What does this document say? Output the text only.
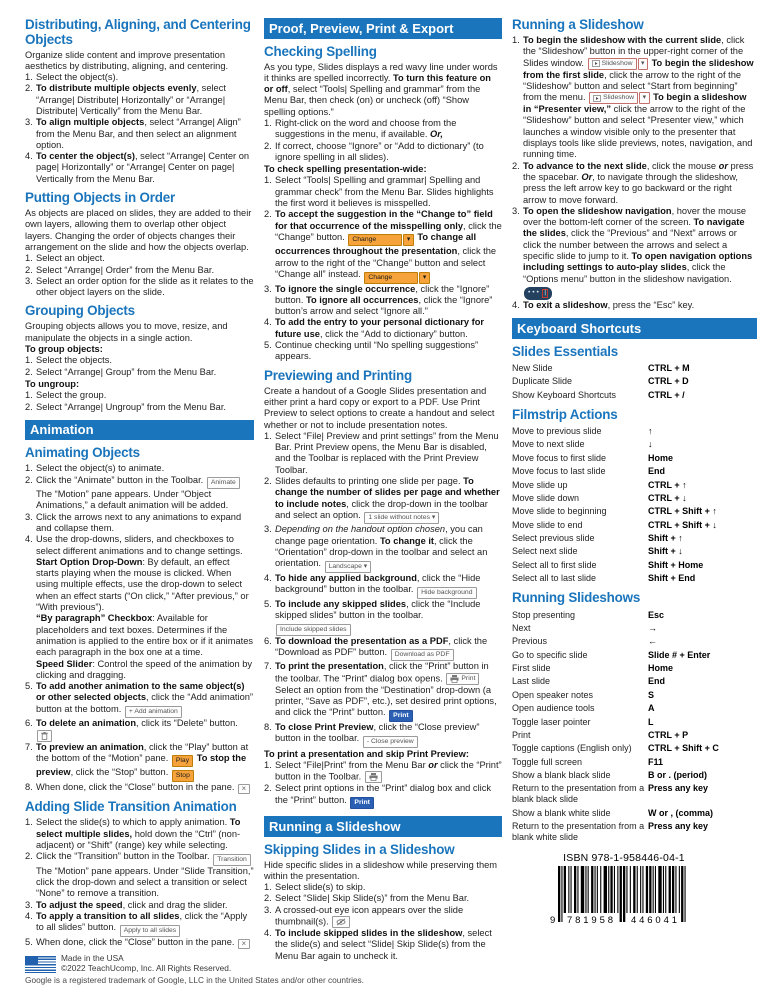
Distributing, Aligning, and Centering Objects
Organize slide content and improve presentation aesthetics by distributing, aligning, and centering.
1. Select the object(s).
2. To distribute multiple objects evenly, select “Arrange| Distribute| Horizontally” or “Arrange| Distribute| Vertically” from the Menu Bar.
3. To align multiple objects, select “Arrange| Align” from the Menu Bar, and then select an alignment option.
4. To center the object(s), select “Arrange| Center on page| Horizontally” or “Arrange| Center on page| Vertically from the Menu Bar.
Putting Objects in Order
As objects are placed on slides, they are added to their own layers, allowing them to overlap other object layers. Changing the order of objects changes their arrangement on the slide and how the objects overlap.
1. Select an object.
2. Select “Arrange| Order” from the Menu Bar.
3. Select an order option for the slide as it relates to the other object layers on the slide.
Grouping Objects
Grouping objects allows you to move, resize, and manipulate the objects in a single action.
To group objects:
1. Select the objects.
2. Select “Arrange| Group” from the Menu Bar.
To ungroup:
1. Select the group.
2. Select “Arrange| Ungroup” from the Menu Bar.
Animation
Animating Objects
1. Select the object(s) to animate.
2. Click the “Animate” button in the Toolbar. Animate
The “Motion” pane appears. Under “Object Animations,” a default animation will be added.
3. Click the arrows next to any animations to expand and collapse them.
4. Use the drop-downs, sliders, and checkboxes to select different animations and to change settings.
Start Option Drop-Down: By default, an effect starts playing when the mouse is clicked. When using multiple effects, use the drop-down to select when an effect starts (“On click,” “After previous,” or “With previous”).
“By paragraph” Checkbox: Available for placeholders and text boxes. Determines if the animation is applied to the entire box or if it animates each paragraph in the box one at a time.
Speed Slider: Control the speed of the animation by clicking and dragging.
5. To add another animation to the same object(s) or other selected objects, click the “Add animation” button at the bottom. + Add animation
6. To delete an animation, click its “Delete” button.
7. To preview an animation, click the “Play” button at the bottom of the “Motion” pane. Play To stop the preview, click the “Stop” button. Stop
8. When done, click the “Close” button in the pane. ×
Adding Slide Transition Animation
1. Select the slide(s) to which to apply animation. To select multiple slides, hold down the “Ctrl” (non-adjacent) or “Shift” (range) key while selecting.
2. Click the “Transition” button in the Toolbar. Transition
The “Motion” pane appears. Under “Slide Transition,” click the drop-down and select a transition or select “None” to remove a transition.
3. To adjust the speed, click and drag the slider.
4. To apply a transition to all slides, click the “Apply to all slides” button. Apply to all slides
5. When done, click the “Close” button in the pane. ×
Made in the USA
©2022 TeachUcomp, Inc. All Rights Reserved.
Google is a registered trademark of Google, LLC in the United States and/or other countries.
Proof, Preview, Print & Export
Checking Spelling
As you type, Slides displays a red wavy line under words it thinks are spelled incorrectly. To turn this feature on or off, select “Tools| Spelling and grammar” from the Menu Bar, then check (on) or uncheck (off) “Show spelling options.”
1. Right-click on the word and choose from the suggestions in the menu, if available. Or,
2. If correct, choose “Ignore” or “Add to dictionary” (to ignore spelling in all slides).
To check spelling presentation-wide:
1. Select “Tools| Spelling and grammar| Spelling and grammar check” from the Menu Bar. Slides highlights the first word it believes is misspelled.
2. To accept the suggestion in the “Change to” field for that occurrence of the misspelling only, click the “Change” button. Change	▾ To change all occurrences throughout the presentation, click the arrow to the right of the “Change” button and select “Change all” instead. Change	▾
3. To ignore the single occurrence, click the “Ignore” button. To ignore all occurrences, click the “Ignore” button’s arrow and select “Ignore all.”
4. To add the entry to your personal dictionary for future use, click the “Add to dictionary” button.
5. Continue checking until “No spelling suggestions” appears.
Previewing and Printing
Create a handout of a Google Slides presentation and either print a hard copy or export to a PDF. Use Print Preview to select options to create a handout and select whether or not to include presentation notes.
1. Select “File| Preview and print settings” from the Menu Bar. Print Preview opens, the Menu Bar is disabled, and the Toolbar is replaced with the Print Preview Toolbar.
2. Slides defaults to printing one slide per page. To change the number of slides per page and whether to include notes, click the drop-down in the toolbar and select an option. 1 slide without notes ▾
3. Depending on the handout option chosen, you can change page orientation. To change it, click the “Orientation” drop-down in the toolbar and select an orientation. Landscape ▾
4. To hide any applied background, click the “Hide background” button in the toolbar. Hide background
5. To include any skipped slides, click the “Include skipped slides” button in the toolbar.
Include skipped slides
6. To download the presentation as a PDF, click the “Download as PDF” button. Download as PDF
7. To print the presentation, click the “Print” button in the toolbar. The “Print” dialog box opens. Print
Select an option from the “Destination” drop-down (a printer, “Save as PDF”, etc.), set desired print options, and click the “Print” button. Print
8. To close Print Preview, click the “Close preview” button in the toolbar. - Close preview
To print a presentation and skip Print Preview:
1. Select “File|Print” from the Menu Bar or click the “Print” button in the Toolbar.
2. Select print options in the “Print” dialog box and click the “Print” button. Print
Running a Slideshow
Skipping Slides in a Slideshow
Hide specific slides in a slideshow while preserving them within the presentation.
1. Select slide(s) to skip.
2. Select “Slide| Skip Slide(s)” from the Menu Bar.
3. A crossed-out eye icon appears over the slide thumbnail(s).
4. To include skipped slides in the slideshow, select the slide(s) and select “Slide| Skip Slide(s) from the Menu Bar again to uncheck it.
Running a Slideshow
1. To begin the slideshow with the current slide, click the “Slideshow” button in the upper-right corner of the Slides window. Slideshow	▾ To begin the slideshow from the first slide, click the arrow to the right of the “Slideshow” button and select “Start from beginning” from the menu. Slideshow	▾ To begin a slideshow in “Presenter view,” click the arrow to the right of the “Slideshow” button and select “Presenter view,” which launches a window visible only to the presenter that displays tools like slide previews, notes, navigation, and running time.
2. To advance to the next slide, click the mouse or press the spacebar. Or, to navigate through the slideshow, press the left arrow key to go backward or the right arrow to move forward.
3. To open the slideshow navigation, hover the mouse over the bottom-left corner of the screen. To navigate the slides, click the “Previous” and “Next” arrows or click the number between the arrows and select a specific slide to jump to it. To open navigation options including settings to auto-play slides, click the “Options menu” button in the slideshow navigation.
• • • |
4. To exit a slideshow, press the “Esc” key.
Keyboard Shortcuts
Slides Essentials
New Slide	CTRL + M
Duplicate Slide	CTRL + D
Show Keyboard Shortcuts	CTRL + /
Filmstrip Actions
Move to previous slide	↑
Move to next slide	↓
Move focus to first slide	Home
Move focus to last slide	End
Move slide up	CTRL + ↑
Move slide down	CTRL + ↓
Move slide to beginning	CTRL + Shift + ↑
Move slide to end	CTRL + Shift + ↓
Select previous slide	Shift + ↑
Select next slide	Shift + ↓
Select all to first slide	Shift + Home
Select all to last slide	Shift + End
Running Slideshows
Stop presenting	Esc
Next	→
Previous	←
Go to specific slide	Slide # + Enter
First slide	Home
Last slide	End
Open speaker notes	S
Open audience tools	A
Toggle laser pointer	L
Print	CTRL + P
Toggle captions (English only)	CTRL + Shift + C
Toggle full screen	F11
Show a blank black slide	B or . (period)
Return to the presentation from a blank black slide
Press any key
Show a blank white slide	W or , (comma)
Return to the presentation from a blank white slide
Press any key
ISBN 978-1-958446-04-1
9 781958 446041
